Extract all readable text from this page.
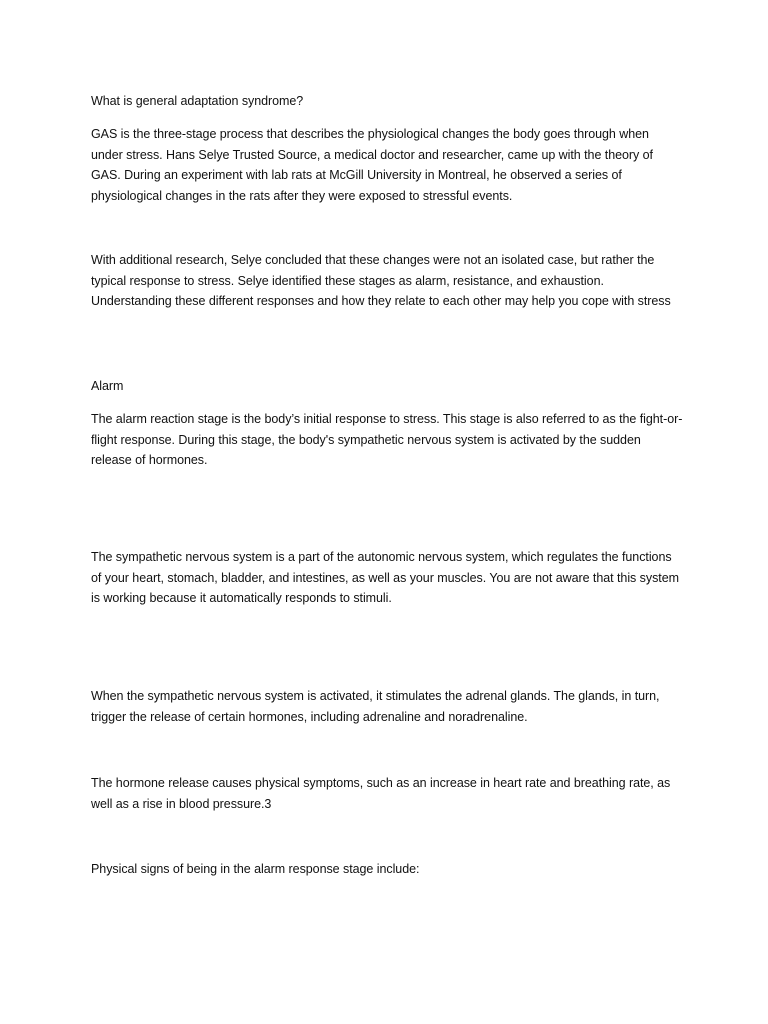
What is general adaptation syndrome?

GAS is the three-stage process that describes the physiological changes the body goes through when under stress. Hans Selye Trusted Source, a medical doctor and researcher, came up with the theory of GAS. During an experiment with lab rats at McGill University in Montreal, he observed a series of physiological changes in the rats after they were exposed to stressful events.

With additional research, Selye concluded that these changes were not an isolated case, but rather the typical response to stress. Selye identified these stages as alarm, resistance, and exhaustion. Understanding these different responses and how they relate to each other may help you cope with stress

Alarm

The alarm reaction stage is the body’s initial response to stress. This stage is also referred to as the fight-or-flight response. During this stage, the body's sympathetic nervous system is activated by the sudden release of hormones.

The sympathetic nervous system is a part of the autonomic nervous system, which regulates the functions of your heart, stomach, bladder, and intestines, as well as your muscles. You are not aware that this system is working because it automatically responds to stimuli.

When the sympathetic nervous system is activated, it stimulates the adrenal glands. The glands, in turn, trigger the release of certain hormones, including adrenaline and noradrenaline.

The hormone release causes physical symptoms, such as an increase in heart rate and breathing rate, as well as a rise in blood pressure.3

Physical signs of being in the alarm response stage include:
